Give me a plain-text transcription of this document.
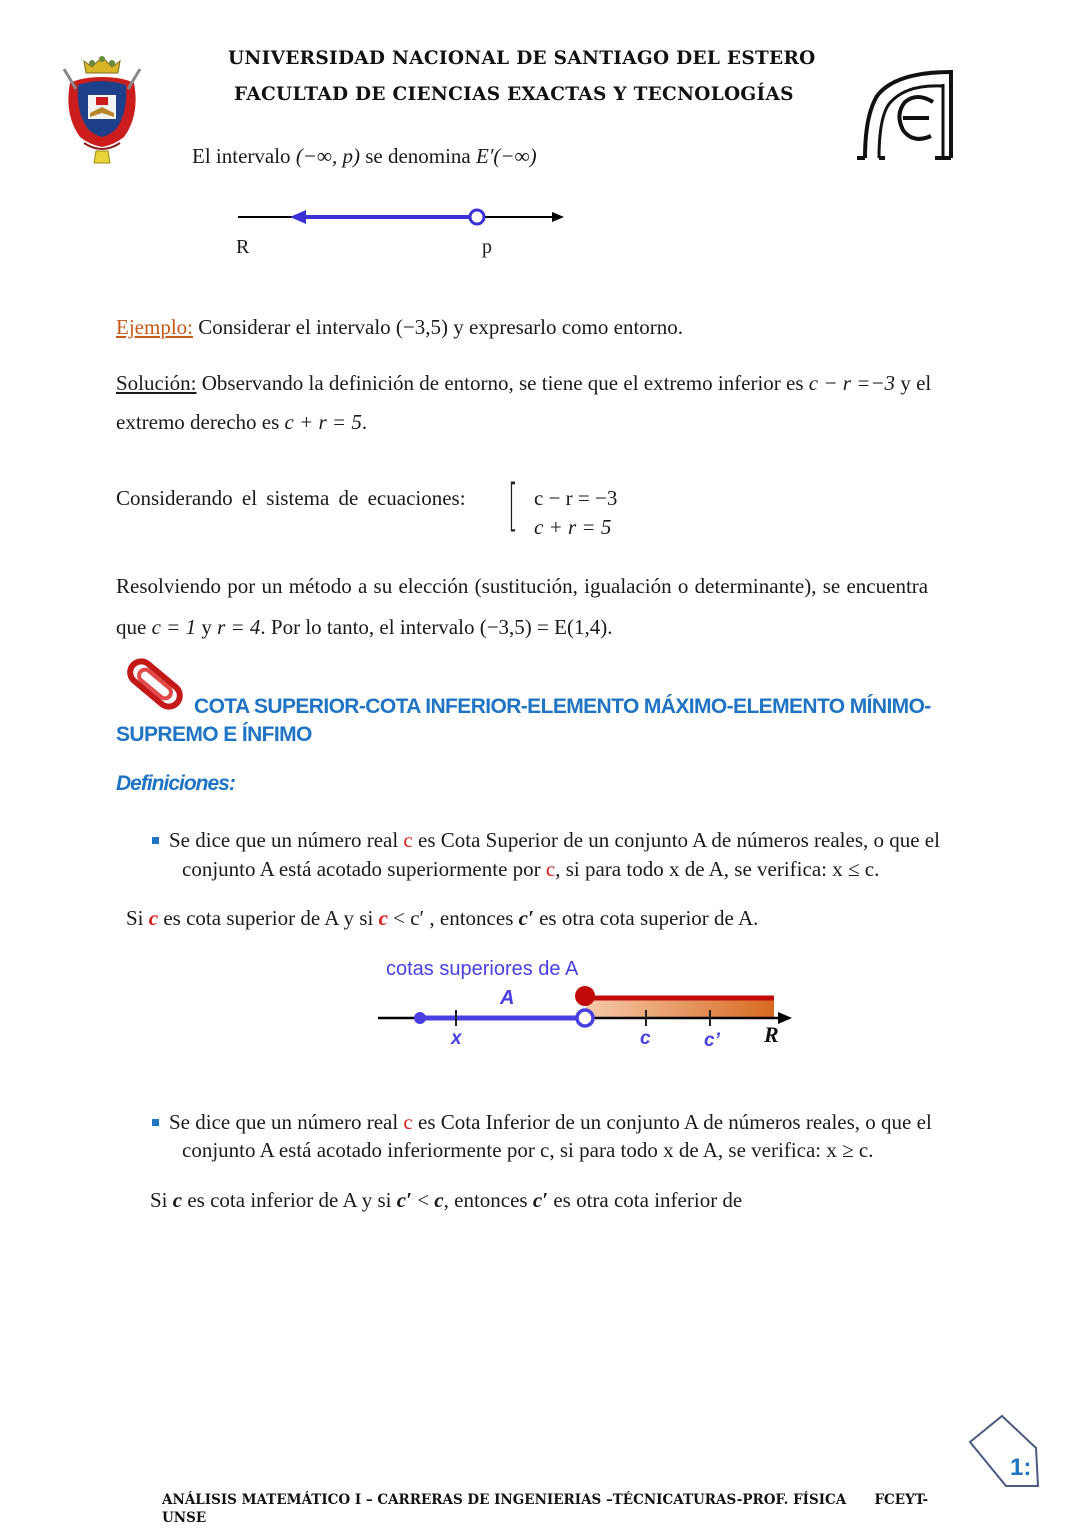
UNIVERSIDAD NACIONAL DE SANTIAGO DEL ESTERO
FACULTAD DE CIENCIAS EXACTAS Y TECNOLOGÍAS
El intervalo (−∞, p) se denomina E′(−∞)
R	p
Ejemplo: Considerar el intervalo (−3,5) y expresarlo como entorno.
Solución: Observando la definición de entorno, se tiene que el extremo inferior es c − r =−3 y el
extremo derecho es c + r = 5.
Considerando el sistema de ecuaciones: [ c − r = −3
c + r = 5
Resolviendo por un método a su elección (sustitución, igualación o determinante), se encuentra
que c = 1 y r = 4. Por lo tanto, el intervalo (−3,5) = E(1,4).
COTA SUPERIOR-COTA INFERIOR-ELEMENTO MÁXIMO-ELEMENTO MÍNIMO-
SUPREMO E ÍNFIMO
Definiciones:
Se dice que un número real c es Cota Superior de un conjunto A de números reales, o que el
conjunto A está acotado superiormente por c, si para todo x de A, se verifica: x ≤ c.
Si c es cota superior de A y si c < c′ , entonces c′ es otra cota superior de A.
cotas superiores de A
A
x	c	c’ R
Se dice que un número real c es Cota Inferior de un conjunto A de números reales, o que el
conjunto A está acotado inferiormente por c, si para todo x de A, se verifica: x ≥ c.
Si c es cota inferior de A y si c′ < c, entonces c′ es otra cota inferior de
1:
ANÁLISIS MATEMÁTICO I – CARRERAS DE INGENIERIAS –TÉCNICATURAS-PROF. FÍSICA      FCEYT-
UNSE
